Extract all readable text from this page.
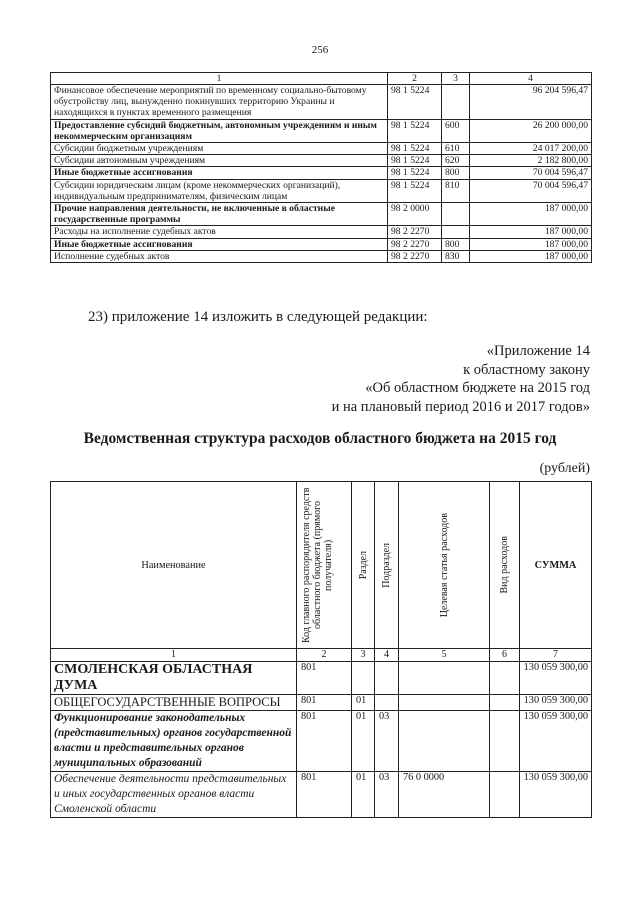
256
1	2	3	4
Финансовое обеспечение мероприятий по временному социально-бытовому обустройству лиц, вынужденно покинувших территорию Украины и находящихся в пунктах временного размещения	98 1 5224		96 204 596,47
Предоставление субсидий бюджетным, автономным учреждениям и иным некоммерческим организациям	98 1 5224	600	26 200 000,00
Субсидии бюджетным учреждениям	98 1 5224	610	24 017 200,00
Субсидии автономным учреждениям	98 1 5224	620	2 182 800,00
Иные бюджетные ассигнования	98 1 5224	800	70 004 596,47
Субсидии юридическим лицам (кроме некоммерческих организаций), индивидуальным предпринимателям, физическим лицам	98 1 5224	810	70 004 596,47
Прочие направления деятельности, не включенные в областные государственные программы	98 2 0000		187 000,00
Расходы на исполнение судебных актов	98 2 2270		187 000,00
Иные бюджетные ассигнования	98 2 2270	800	187 000,00
Исполнение судебных актов	98 2 2270	830	187 000,00
23) приложение 14 изложить в следующей редакции:
«Приложение 14
к областному закону
«Об областном бюджете на 2015 год
и на плановый период 2016 и 2017 годов»
Ведомственная структура расходов областного бюджета на 2015 год
(рублей)
Наименование	Код главного распорядителя средств областного бюджета (прямого получателя)	Раздел	Подраздел	Целевая статья расходов	Вид расходов	СУММА
1	2	3	4	5	6	7
СМОЛЕНСКАЯ ОБЛАСТНАЯ ДУМА	801					130 059 300,00
ОБЩЕГОСУДАРСТВЕННЫЕ ВОПРОСЫ	801	01				130 059 300,00
Функционирование законодательных (представительных) органов государственной власти и представительных органов муниципальных образований	801	01	03			130 059 300,00
Обеспечение деятельности представительных и иных государственных органов власти Смоленской области	801	01	03	76 0 0000		130 059 300,00
